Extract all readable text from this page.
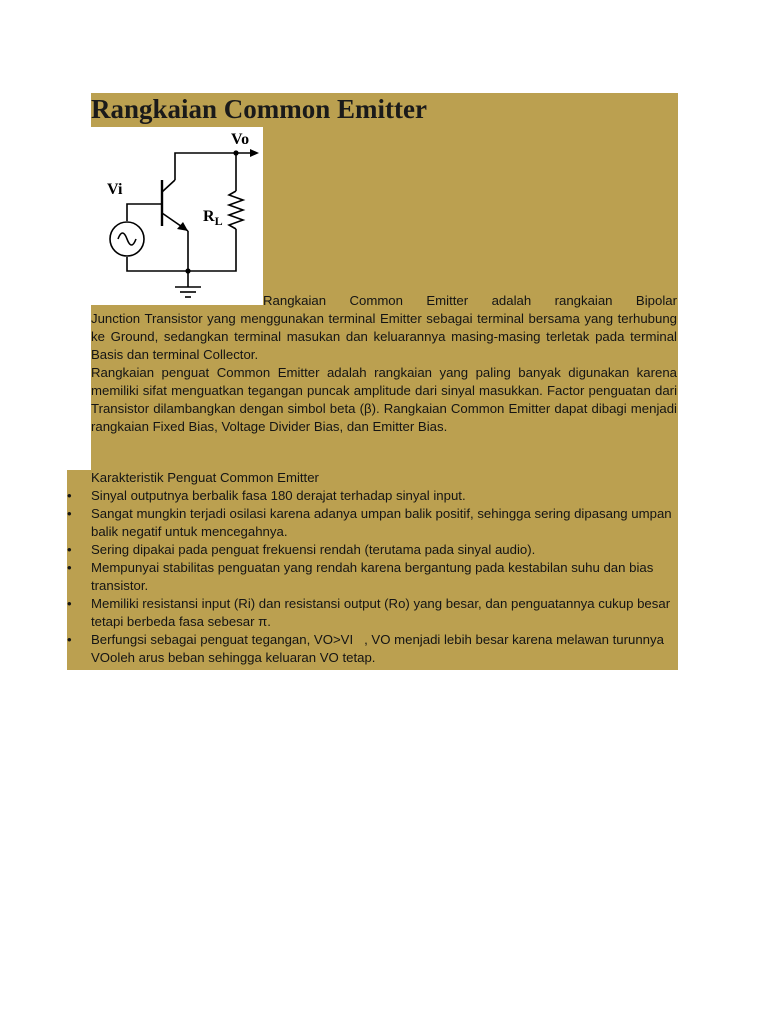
Rangkaian Common Emitter
Vo
Vi
$R_L$
Rangkaian Common Emitter adalah rangkaian Bipolar
Junction Transistor yang menggunakan terminal Emitter sebagai terminal bersama yang terhubung ke Ground, sedangkan terminal masukan dan keluarannya masing-masing terletak pada terminal Basis dan terminal Collector.
Rangkaian penguat Common Emitter adalah rangkaian yang paling banyak digunakan karena memiliki sifat menguatkan tegangan puncak amplitude dari sinyal masukkan. Factor penguatan dari Transistor dilambangkan dengan simbol beta (β). Rangkaian Common Emitter dapat dibagi menjadi rangkaian Fixed Bias, Voltage Divider Bias, dan Emitter Bias.
Karakteristik Penguat Common Emitter
•	Sinyal outputnya berbalik fasa 180 derajat terhadap sinyal input.
•	Sangat mungkin terjadi osilasi karena adanya umpan balik positif, sehingga sering dipasang umpan balik negatif untuk mencegahnya.
•	Sering dipakai pada penguat frekuensi rendah (terutama pada sinyal audio).
•	Mempunyai stabilitas penguatan yang rendah karena bergantung pada kestabilan suhu dan bias transistor.
•	Memiliki resistansi input (Ri) dan resistansi output (Ro) yang besar, dan penguatannya cukup besar tetapi berbeda fasa sebesar π.
•	Berfungsi sebagai penguat tegangan, VO>VI   , VO menjadi lebih besar karena melawan turunnya VOoleh arus beban sehingga keluaran VO tetap.
